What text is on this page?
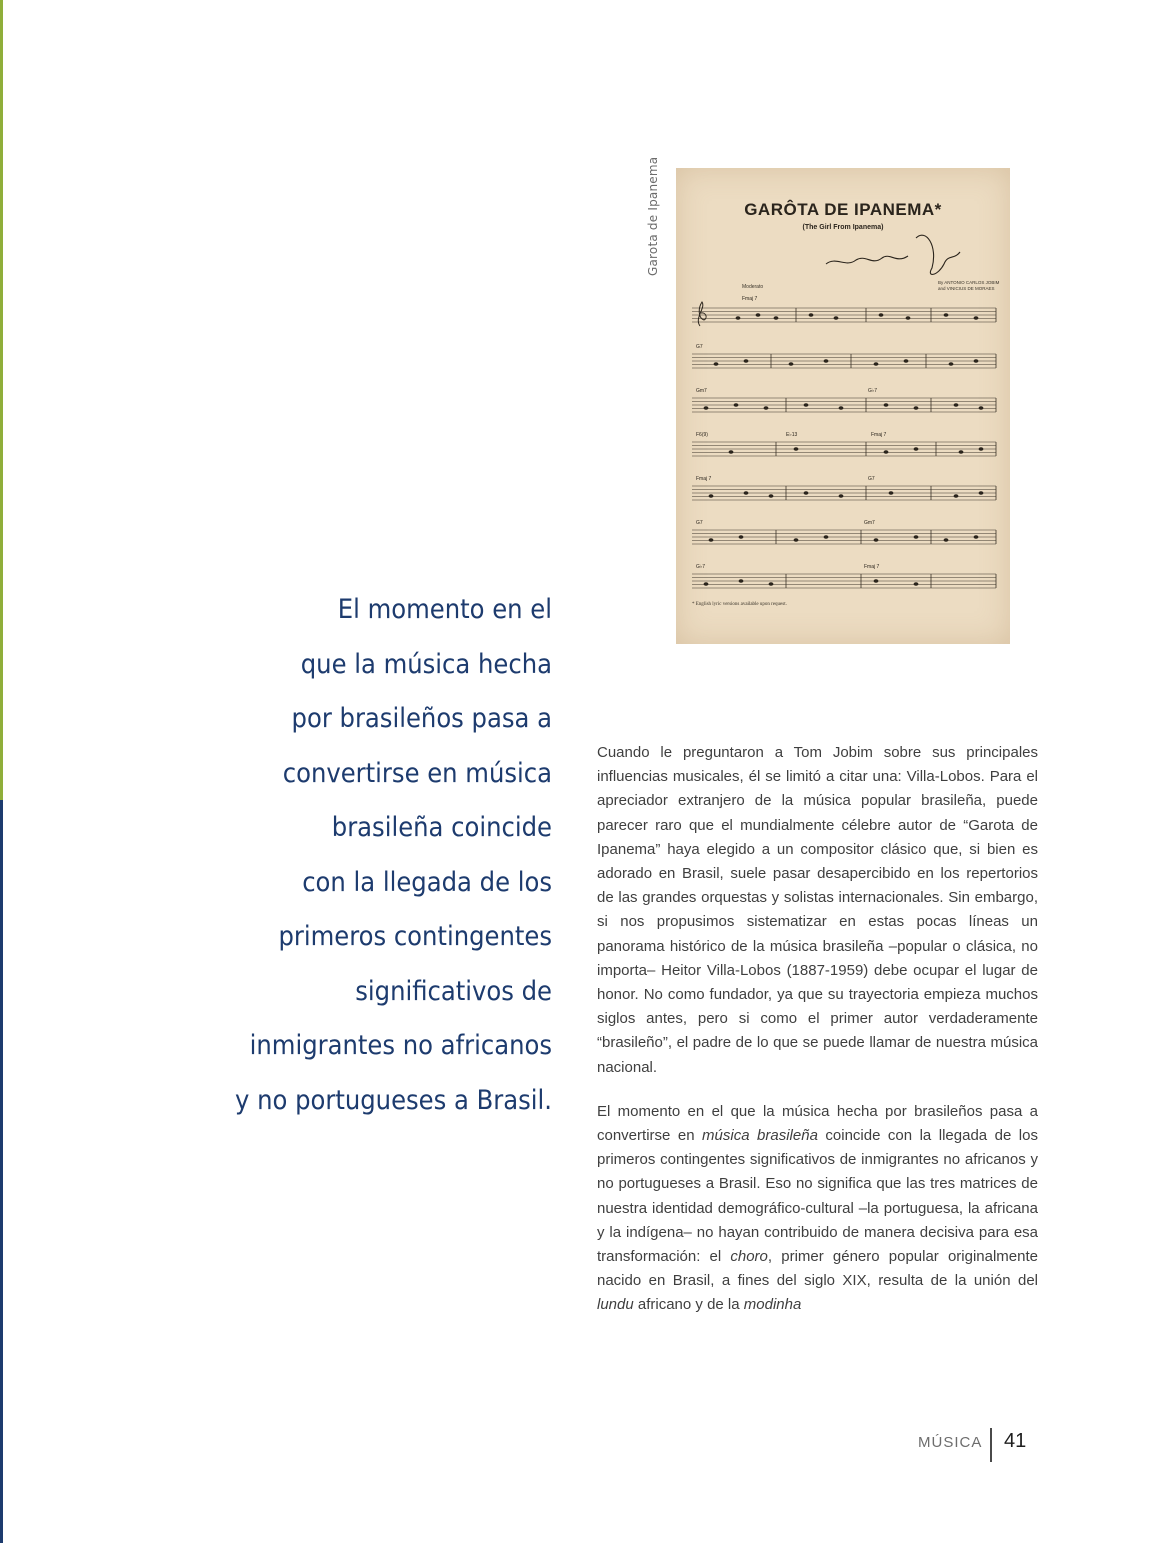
Garota de Ipanema	GARÔTA DE IPANEMA*
(The Girl From Ipanema)
Moderato
By ANTONIO CARLOS JOBIM
and VINICIUS DE MORAES
Fmaj 7
G7
Gm7	G♭7
F6(9)	E♭13	Fmaj 7
Fmaj 7	G7
G7	Gm7
G♭7	Fmaj 7
* English lyric versions available upon request.
El momento en el
que la música hecha
por brasileños pasa a
convertirse en música
brasileña coincide
con la llegada de los
primeros contingentes
significativos de
inmigrantes no africanos
y no portugueses a Brasil.

Cuando le preguntaron a Tom Jobim sobre sus principales influencias musicales, él se limitó a citar una: Villa-Lobos. Para el apreciador extranjero de la música popular brasileña, puede parecer raro que el mundialmente célebre autor de “Garota de Ipanema” haya elegido a un compositor clásico que, si bien es adorado en Brasil, suele pasar desapercibido en los repertorios de las grandes orquestas y solistas internacionales. Sin embargo, si nos propusimos sistematizar en estas pocas líneas un panorama histórico de la música brasileña –popular o clásica, no importa– Heitor Villa-Lobos (1887-1959) debe ocupar el lugar de honor. No como fundador, ya que su trayectoria empieza muchos siglos antes, pero si como el primer autor verdaderamente “brasileño”, el padre de lo que se puede llamar de nuestra música nacional.

El momento en el que la música hecha por brasileños pasa a convertirse en música brasileña coincide con la llegada de los primeros contingentes significativos de inmigrantes no africanos y no portugueses a Brasil. Eso no significa que las tres matrices de nuestra identidad demográfico-cultural –la portuguesa, la africana y la indígena– no hayan contribuido de manera decisiva para esa transformación: el choro, primer género popular originalmente nacido en Brasil, a fines del siglo XIX, resulta de la unión del lundu africano y de la modinha

MÚSICA 41
